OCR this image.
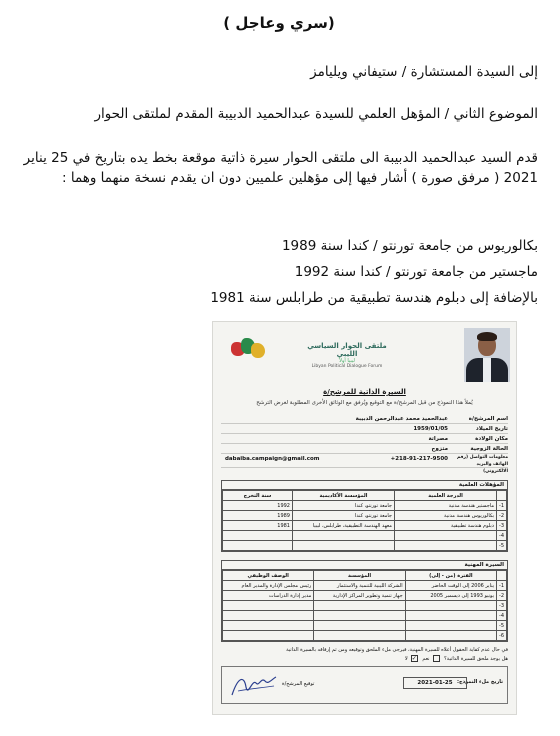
(سري وعاجل )
إلى السيدة المستشارة / ستيفاني ويليامز
الموضوع الثاني / المؤهل العلمي للسيدة عبدالحميد الدبيبة المقدم لملتقى الحوار
قدم السيد عبدالحميد الدبيبة الى ملتقى الحوار سيرة ذاتية موقعة بخط يده بتاريخ في 25 يناير 2021 ( مرفق صورة ) أشار فيها إلى مؤهلين علميين دون ان يقدم نسخة منهما وهما :
بكالوريوس من جامعة تورنتو / كندا سنة 1989
ماجستير من جامعة تورنتو / كندا سنة 1992
بالإضافة إلى دبلوم هندسة تطبيقية من طرابلس سنة 1981
ملتقى الحوار السياسي الليبي
ليبيا أولاً
Libyan Political Dialogue Forum
السيرة الذاتية للمرشح/ة
يُملأ هذا النموذج من قبل المرشح/ة مع التوقيع ويُرفق مع الوثائق الأخرى المطلوبة لغرض الترشح
اسم المرشح/ة
عبدالحميد محمد عبدالرحمن الدبيبة
تاريخ الميلاد
1959/01/05
مكان الولادة
مصراتة
الحالة الزوجية
متزوج
معلومات التواصل (رقم الهاتف والبريد الالكتروني)
+218-91-217-9500
dabaiba.campaign@gmail.com
المؤهلات العلمية
	الدرجة العلمية	المؤسسة الأكاديمية	سنة التخرج
1-	ماجستير هندسة مدنية	جامعة تورنتو، كندا	1992
2-	بكالوريوس هندسة مدنية	جامعة تورنتو، كندا	1989
3-	دبلوم هندسة تطبيقية	معهد الهندسة التطبيقية، طرابلس، ليبيا	1981
4-			
5-			
السيرة المهنية
	الفترة (من - إلى)	المؤسسة	الوصف الوظيفي
1-	يناير 2006 إلى الوقت الحاضر	الشركة الليبية للتنمية والاستثمار	رئيس مجلس الإدارة والمدير العام
2-	يونيو 1993 إلى ديسمبر 2005	جهاز تنمية وتطوير المراكز الإدارية	مدير إدارة الدراسات
3-			
4-			
5-			
6-			
في حال عدم كفاية الحقول أعلاه للسيرة المهنية، فيرجى ملء الملحق وتوقيعه ومن ثم إرفاقه بالسيرة الذاتية
هل يوجد ملحق للسيرة الذاتية؟ نعم ✓لا
تاريخ ملء النموذج:
2021-01-25
توقيع المرشح/ة
